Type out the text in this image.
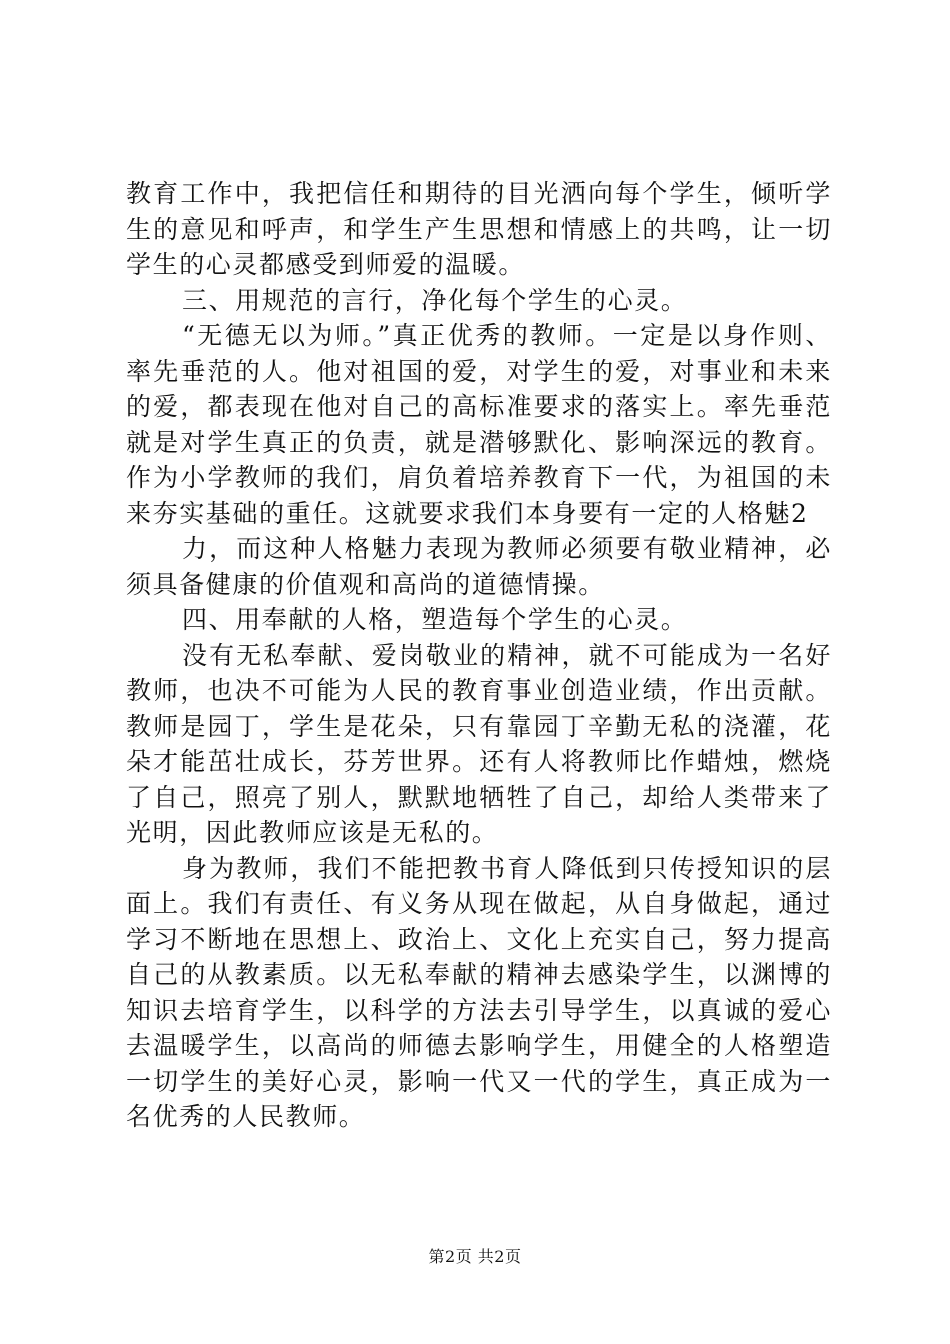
教育工作中，我把信任和期待的目光洒向每个学生，倾听学生的意见和呼声，和学生产生思想和情感上的共鸣，让一切学生的心灵都感受到师爱的温暖。

三、用规范的言行，净化每个学生的心灵。

“无德无以为师。”真正优秀的教师。一定是以身作则、率先垂范的人。他对祖国的爱，对学生的爱，对事业和未来的爱，都表现在他对自己的高标准要求的落实上。率先垂范就是对学生真正的负责，就是潜够默化、影响深远的教育。作为小学教师的我们，肩负着培养教育下一代，为祖国的未来夯实基础的重任。这就要求我们本身要有一定的人格魅2

力，而这种人格魅力表现为教师必须要有敬业精神，必须具备健康的价值观和高尚的道德情操。

四、用奉献的人格，塑造每个学生的心灵。

没有无私奉献、爱岗敬业的精神，就不可能成为一名好教师，也决不可能为人民的教育事业创造业绩，作出贡献。教师是园丁，学生是花朵，只有靠园丁辛勤无私的浇灌，花朵才能茁壮成长，芬芳世界。还有人将教师比作蜡烛，燃烧了自己，照亮了别人，默默地牺牲了自己，却给人类带来了光明，因此教师应该是无私的。

身为教师，我们不能把教书育人降低到只传授知识的层面上。我们有责任、有义务从现在做起，从自身做起，通过学习不断地在思想上、政治上、文化上充实自己，努力提高自己的从教素质。以无私奉献的精神去感染学生，以渊博的知识去培育学生，以科学的方法去引导学生，以真诚的爱心去温暖学生，以高尚的师德去影响学生，用健全的人格塑造一切学生的美好心灵，影响一代又一代的学生，真正成为一名优秀的人民教师。

第2页 共2页
